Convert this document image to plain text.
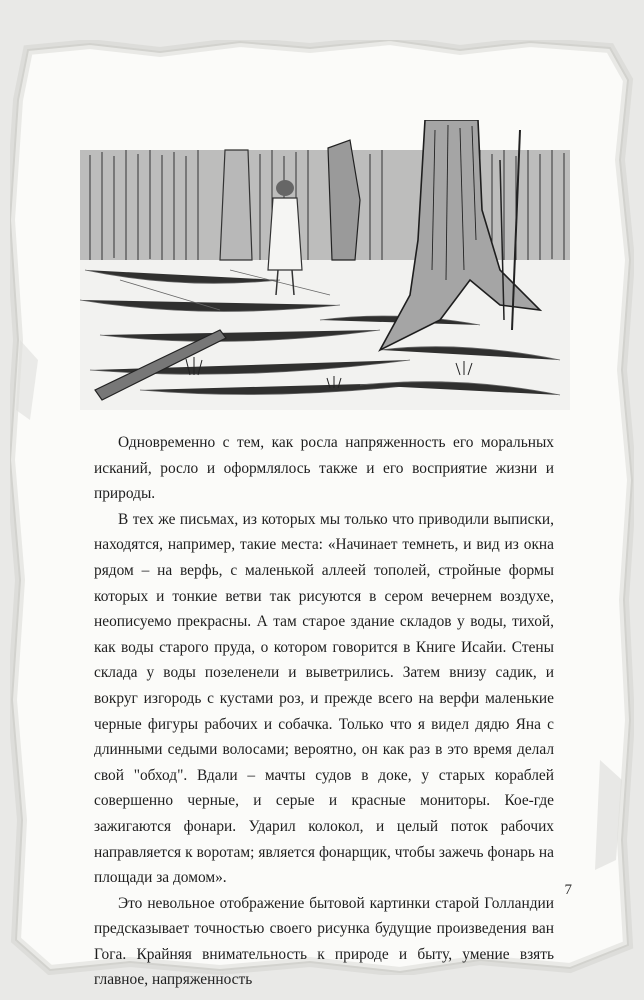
Одновременно с тем, как росла напряженность его моральных исканий, росло и оформлялось также и его восприятие жизни и природы.

В тех же письмах, из которых мы только что приводили выписки, находятся, например, такие места: «Начинает темнеть, и вид из окна рядом – на верфь, с маленькой аллеей тополей, стройные формы которых и тонкие ветви так рисуются в сером вечернем воздухе, неописуемо прекрасны. А там старое здание складов у воды, тихой, как воды старого пруда, о котором говорится в Книге Исайи. Стены склада у воды позеленели и выветрились. Затем внизу садик, и вокруг изгородь с кустами роз, и прежде всего на верфи маленькие черные фигуры рабочих и собачка. Только что я видел дядю Яна с длинными седыми волосами; вероятно, он как раз в это время делал свой "обход". Вдали – мачты судов в доке, у старых кораблей совершенно черные, и серые и красные мониторы. Кое-где зажигаются фонари. Ударил колокол, и целый поток рабочих направляется к воротам; является фонарщик, чтобы зажечь фонарь на площади за домом».

Это невольное отображение бытовой картинки старой Голландии предсказывает точностью своего рисунка будущие произведения ван Гога. Крайняя внимательность к природе и быту, умение взять главное, напряженность

7
